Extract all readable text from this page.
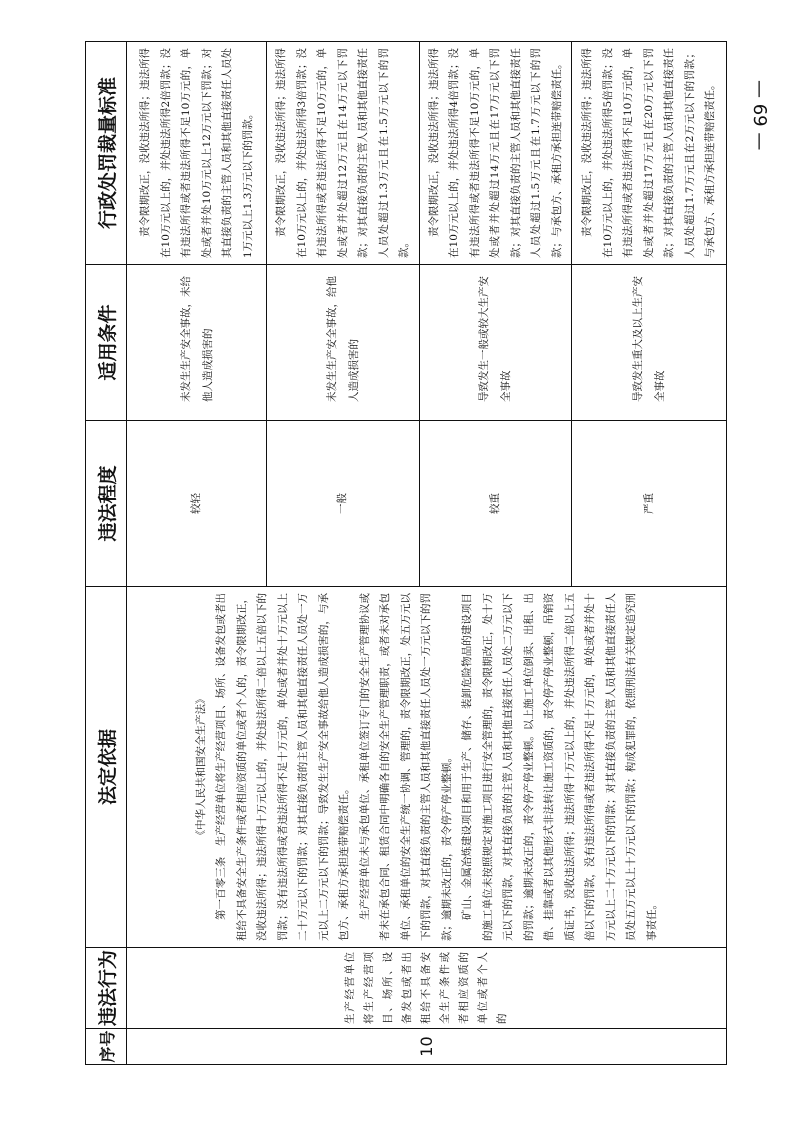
序号	违法行为	法定依据	违法程度	适用条件	行政处罚裁量标准
10	生产经营单位将生产经营项目、场所、设备发包或者出租给不具备安全生产条件或者相应资质的单位或者个人的	《中华人民共和国安全生产法》 第一百零三条　生产经营单位将生产经营项目、场所、设备发包或者出租给不具备安全生产条件或者相应资质的单位或者个人的，责令限期改正，没收违法所得；违法所得十万元以上的，并处违法所得二倍以上五倍以下的罚款；没有违法所得或者违法所得不足十万元的，单处或者并处十万元以上二十万元以下的罚款；对其直接负责的主管人员和其他直接责任人员处一万元以上二万元以下的罚款；导致发生生产安全事故给他人造成损害的，与承包方、承租方承担连带赔偿责任。 生产经营单位未与承包单位、承租单位签订专门的安全生产管理协议或者未在承包合同、租赁合同中明确各自的安全生产管理职责，或者未对承包单位、承租单位的安全生产统一协调、管理的，责令限期改正，处五万元以下的罚款，对其直接负责的主管人员和其他直接责任人员处一万元以下的罚款；逾期未改正的，责令停产停业整顿。 矿山、金属冶炼建设项目和用于生产、储存、装卸危险物品的建设项目的施工单位未按照规定对施工项目进行安全管理的，责令限期改正，处十万元以下的罚款，对其直接负责的主管人员和其他直接责任人员处二万元以下的罚款；逾期未改正的，责令停产停业整顿。以上施工单位倒卖、出租、出借、挂靠或者以其他形式非法转让施工资质的，责令停产停业整顿，吊销资质证书，没收违法所得；违法所得十万元以上的，并处违法所得二倍以上五倍以下的罚款，没有违法所得或者违法所得不足十万元的，单处或者并处十万元以上二十万元以下的罚款；对其直接负责的主管人员和其他直接责任人员处五万元以上十万元以下的罚款；构成犯罪的，依照刑法有关规定追究刑事责任。	较轻	未发生生产安全事故，未给他人造成损害的	责令限期改正，没收违法所得；违法所得在10万元以上的，并处违法所得2倍罚款；没有违法所得或者违法所得不足10万元的，单处或者并处10万元以上12万元以下罚款；对其直接负责的主管人员和其他直接责任人员处1万元以上1.3万元以下的罚款。

			一般	未发生生产安全事故，给他人造成损害的	责令限期改正，没收违法所得；违法所得在10万元以上的，并处违法所得3倍罚款；没有违法所得或者违法所得不足10万元的，单处或者并处超过12万元且在14万元以下罚款；对其直接负责的主管人员和其他直接责任人员处超过1.3万元且在1.5万元以下的罚款。

			较重	导致发生一般或较大生产安全事故	责令限期改正，没收违法所得；违法所得在10万元以上的，并处违法所得4倍罚款；没有违法所得或者违法所得不足10万元的，单处或者并处超过14万元且在17万元以下罚款；对其直接负责的主管人员和其他直接责任人员处超过1.5万元且在1.7万元以下的罚款；与承包方、承租方承担连带赔偿责任。

			严重	导致发生重大及以上生产安全事故	责令限期改正，没收违法所得；违法所得在10万元以上的，并处违法所得5倍罚款；没有违法所得或者违法所得不足10万元的，单处或者并处超过17万元且在20万元以下罚款；对其直接负责的主管人员和其他直接责任人员处超过1.7万元且在2万元以下的罚款；与承包方、承租方承担连带赔偿责任。	— 69 —
